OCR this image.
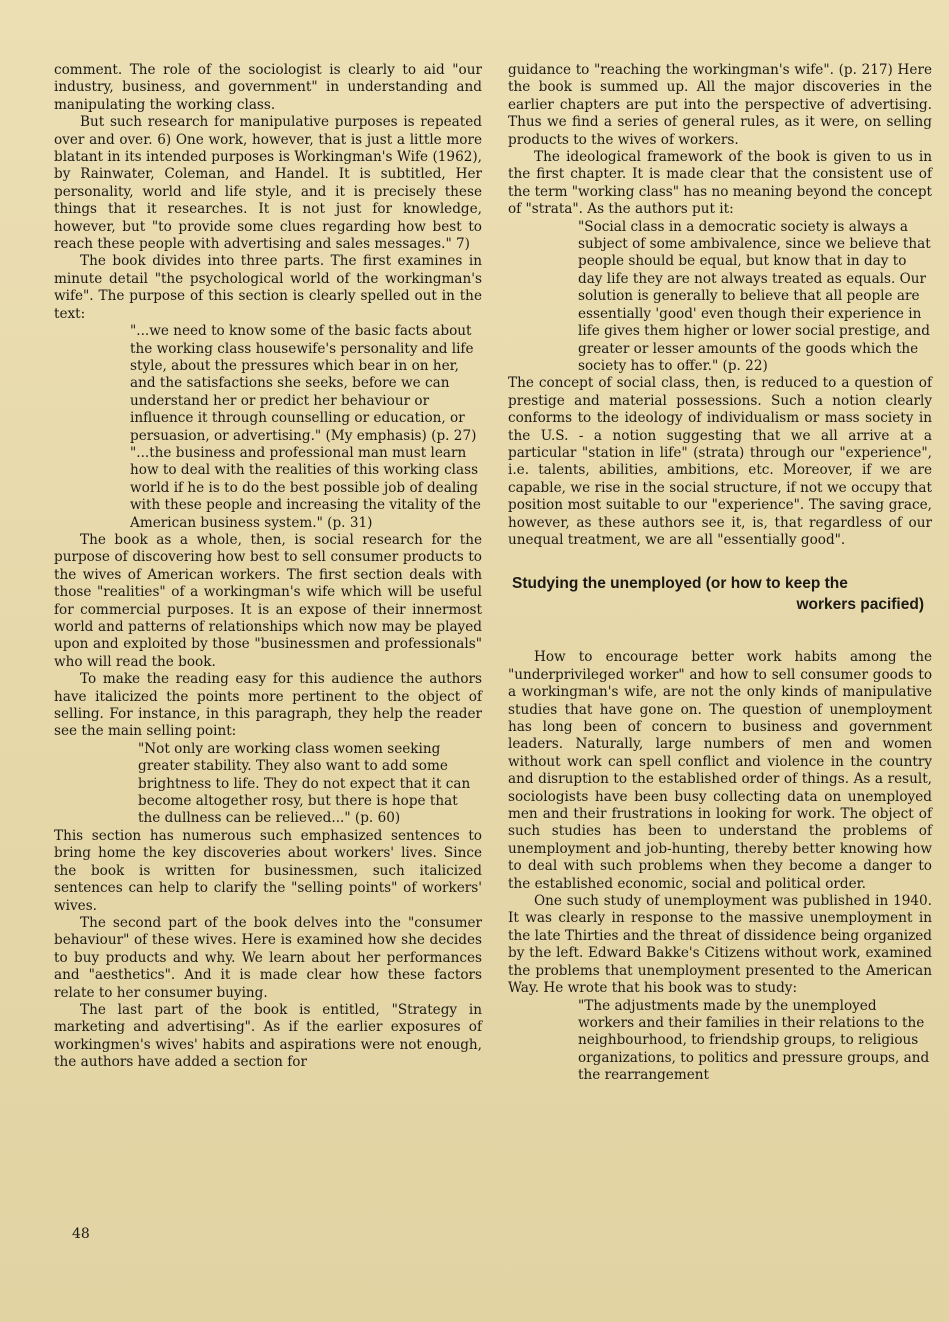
comment. The role of the sociologist is clearly to aid "our industry, business, and government" in understanding and manipulating the working class.

But such research for manipulative purposes is repeated over and over. 6) One work, however, that is just a little more blatant in its intended purposes is Workingman's Wife (1962), by Rainwater, Coleman, and Handel. It is subtitled, Her personality, world and life style, and it is precisely these things that it researches. It is not just for knowledge, however, but "to provide some clues regarding how best to reach these people with advertising and sales messages." 7)

The book divides into three parts. The first examines in minute detail "the psychological world of the workingman's wife". The purpose of this section is clearly spelled out in the text:

"...we need to know some of the basic facts about the working class housewife's personality and life style, about the pressures which bear in on her, and the satisfactions she seeks, before we can understand her or predict her behaviour or influence it through counselling or education, or persuasion, or advertising." (My emphasis) (p. 27)

"...the business and professional man must learn how to deal with the realities of this working class world if he is to do the best possible job of dealing with these people and increasing the vitality of the American business system." (p. 31)

The book as a whole, then, is social research for the purpose of discovering how best to sell consumer products to the wives of American workers. The first section deals with those "realities" of a workingman's wife which will be useful for commercial purposes. It is an expose of their innermost world and patterns of relationships which now may be played upon and exploited by those "businessmen and professionals" who will read the book.

To make the reading easy for this audience the authors have italicized the points more pertinent to the object of selling. For instance, in this paragraph, they help the reader see the main selling point:

"Not only are working class women seeking greater stability. They also want to add some brightness to life. They do not expect that it can become altogether rosy, but there is hope that the dullness can be relieved..." (p. 60)

This section has numerous such emphasized sentences to bring home the key discoveries about workers' lives. Since the book is written for businessmen, such italicized sentences can help to clarify the "selling points" of workers' wives.

The second part of the book delves into the "consumer behaviour" of these wives. Here is examined how she decides to buy products and why. We learn about her performances and "aesthetics". And it is made clear how these factors relate to her consumer buying.

The last part of the book is entitled, "Strategy in marketing and advertising". As if the earlier exposures of workingmen's wives' habits and aspirations were not enough, the authors have added a section for

guidance to "reaching the workingman's wife". (p. 217) Here the book is summed up. All the major discoveries in the earlier chapters are put into the perspective of advertising. Thus we find a series of general rules, as it were, on selling products to the wives of workers.

The ideological framework of the book is given to us in the first chapter. It is made clear that the consistent use of the term "working class" has no meaning beyond the concept of "strata". As the authors put it:

"Social class in a democratic society is always a subject of some ambivalence, since we believe that people should be equal, but know that in day to day life they are not always treated as equals. Our solution is generally to believe that all people are essentially 'good' even though their experience in life gives them higher or lower social prestige, and greater or lesser amounts of the goods which the society has to offer." (p. 22)

The concept of social class, then, is reduced to a question of prestige and material possessions. Such a notion clearly conforms to the ideology of individualism or mass society in the U.S. - a notion suggesting that we all arrive at a particular "station in life" (strata) through our "experience", i.e. talents, abilities, ambitions, etc. Moreover, if we are capable, we rise in the social structure, if not we occupy that position most suitable to our "experience". The saving grace, however, as these authors see it, is, that regardless of our unequal treatment, we are all "essentially good".

Studying the unemployed (or how to keep the
workers pacified)

How to encourage better work habits among the "underprivileged worker" and how to sell consumer goods to a workingman's wife, are not the only kinds of manipulative studies that have gone on. The question of unemployment has long been of concern to business and government leaders. Naturally, large numbers of men and women without work can spell conflict and violence in the country and disruption to the established order of things. As a result, sociologists have been busy collecting data on unemployed men and their frustrations in looking for work. The object of such studies has been to understand the problems of unemployment and job-hunting, thereby better knowing how to deal with such problems when they become a danger to the established economic, social and political order.

One such study of unemployment was published in 1940. It was clearly in response to the massive unemployment in the late Thirties and the threat of dissidence being organized by the left. Edward Bakke's Citizens without work, examined the problems that unemployment presented to the American Way. He wrote that his book was to study:

"The adjustments made by the unemployed workers and their families in their relations to the neighbourhood, to friendship groups, to religious organizations, to politics and pressure groups, and the rearrangement

48
